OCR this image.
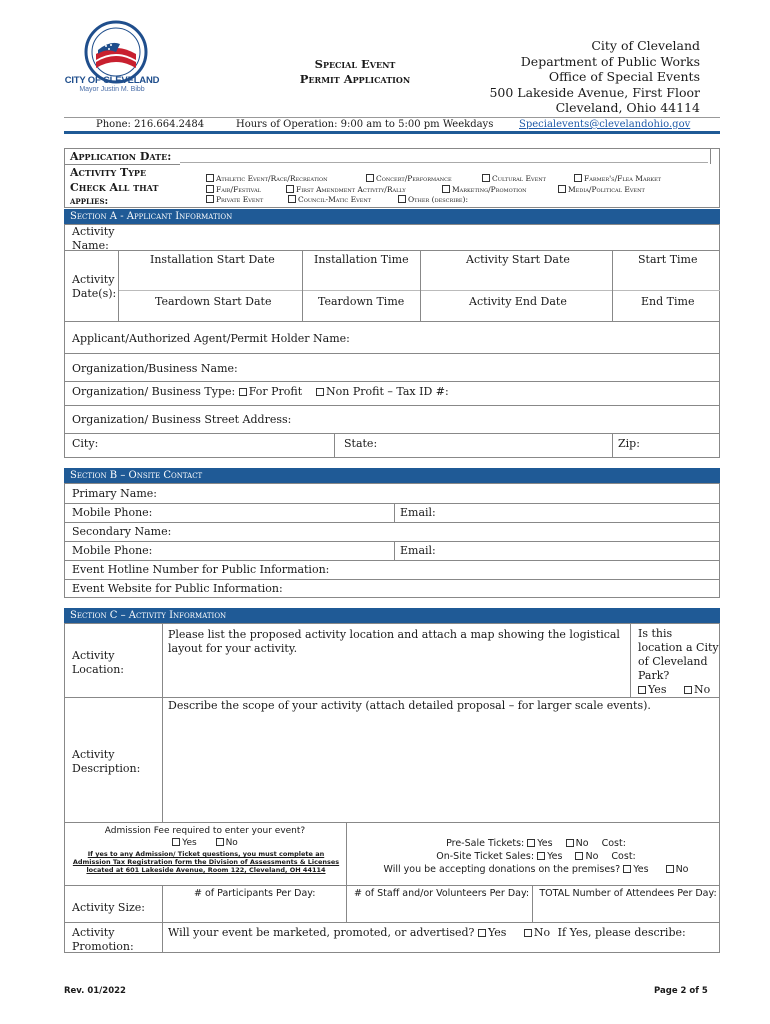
CITY OF CLEVELAND
Mayor Justin M. Bibb
Special Event
Permit Application
City of Cleveland
Department of Public Works
Office of Special Events
500 Lakeside Avenue, First Floor
Cleveland, Ohio 44114
Phone: 216.664.2484	Hours of Operation: 9:00 am to 5:00 pm Weekdays	Specialevents@clevelandohio.gov
Application Date:
Activity Type
Check All that
applies:
Athletic Event/Race/Recreation	Concert/Performance	Cultural Event	Farmer's/Flea Market
Fair/Festival	First Amendment Activity/Rally	Marketing/Promotion	Media/Political Event
Private Event	Council-Matic Event	Other (describe):
Section A - Applicant Information
Activity Name:
Activity Date(s):
Installation Start Date	Installation Time	Activity Start Date	Start Time
Teardown Start Date	Teardown Time	Activity End Date	End Time
Applicant/Authorized Agent/Permit Holder Name:
Organization/Business Name:
Organization/ Business Type: For Profit	Non Profit – Tax ID #:
Organization/ Business Street Address:
City:	State:	Zip:
Section B – Onsite Contact
Primary Name:
Mobile Phone:	Email:
Secondary Name:
Mobile Phone:	Email:
Event Hotline Number for Public Information:
Event Website for Public Information:
Section C – Activity Information
Activity Location:
Please list the proposed activity location and attach a map showing the logistical
layout for your activity.
Is this
location a City
of Cleveland
Park?
Yes	No
Activity Description:
Describe the scope of your activity (attach detailed proposal – for larger scale events).
Admission Fee required to enter your event?
Yes	No
If yes to any Admission/ Ticket questions, you must complete an Admission Tax Registration form the Division of Assessments & Licenses located at 601 Lakeside Avenue, Room 122, Cleveland, OH 44114
Pre-Sale Tickets: Yes No Cost:
On-Site Ticket Sales: Yes No Cost:
Will you be accepting donations on the premises? Yes	No
Activity Size:
# of Participants Per Day:	# of Staff and/or Volunteers Per Day: TOTAL Number of Attendees Per Day:
Activity Promotion:
Will your event be marketed, promoted, or advertised? Yes	No If Yes, please describe:
Rev. 01/2022	Page 2 of 5
